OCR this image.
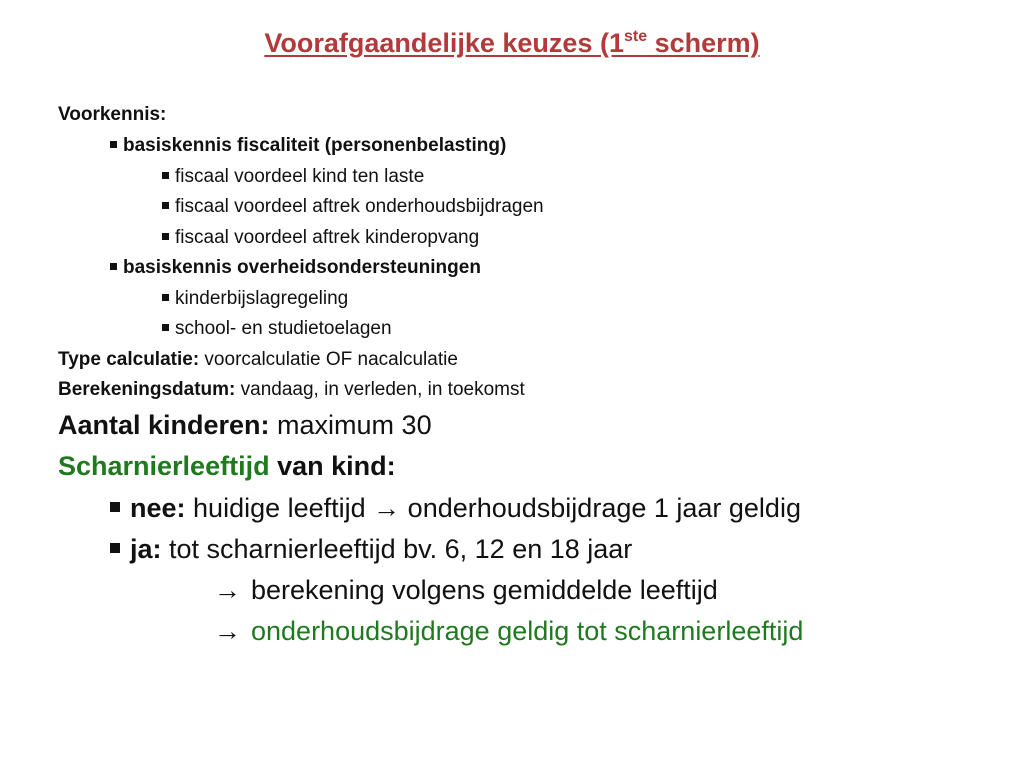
Voorafgaandelijke keuzes (1ste scherm)
Voorkennis:
basiskennis fiscaliteit (personenbelasting)
fiscaal voordeel kind ten laste
fiscaal voordeel aftrek onderhoudsbijdragen
fiscaal voordeel aftrek kinderopvang
basiskennis overheidsondersteuningen
kinderbijslagregeling
school- en studietoelagen
Type calculatie: voorcalculatie OF nacalculatie
Berekeningsdatum: vandaag, in verleden, in toekomst
Aantal kinderen: maximum 30
Scharnierleeftijd van kind:
nee: huidige leeftijd → onderhoudsbijdrage 1 jaar geldig
ja: tot scharnierleeftijd bv. 6, 12 en 18 jaar
→ berekening volgens gemiddelde leeftijd
→ onderhoudsbijdrage geldig tot scharnierleeftijd
